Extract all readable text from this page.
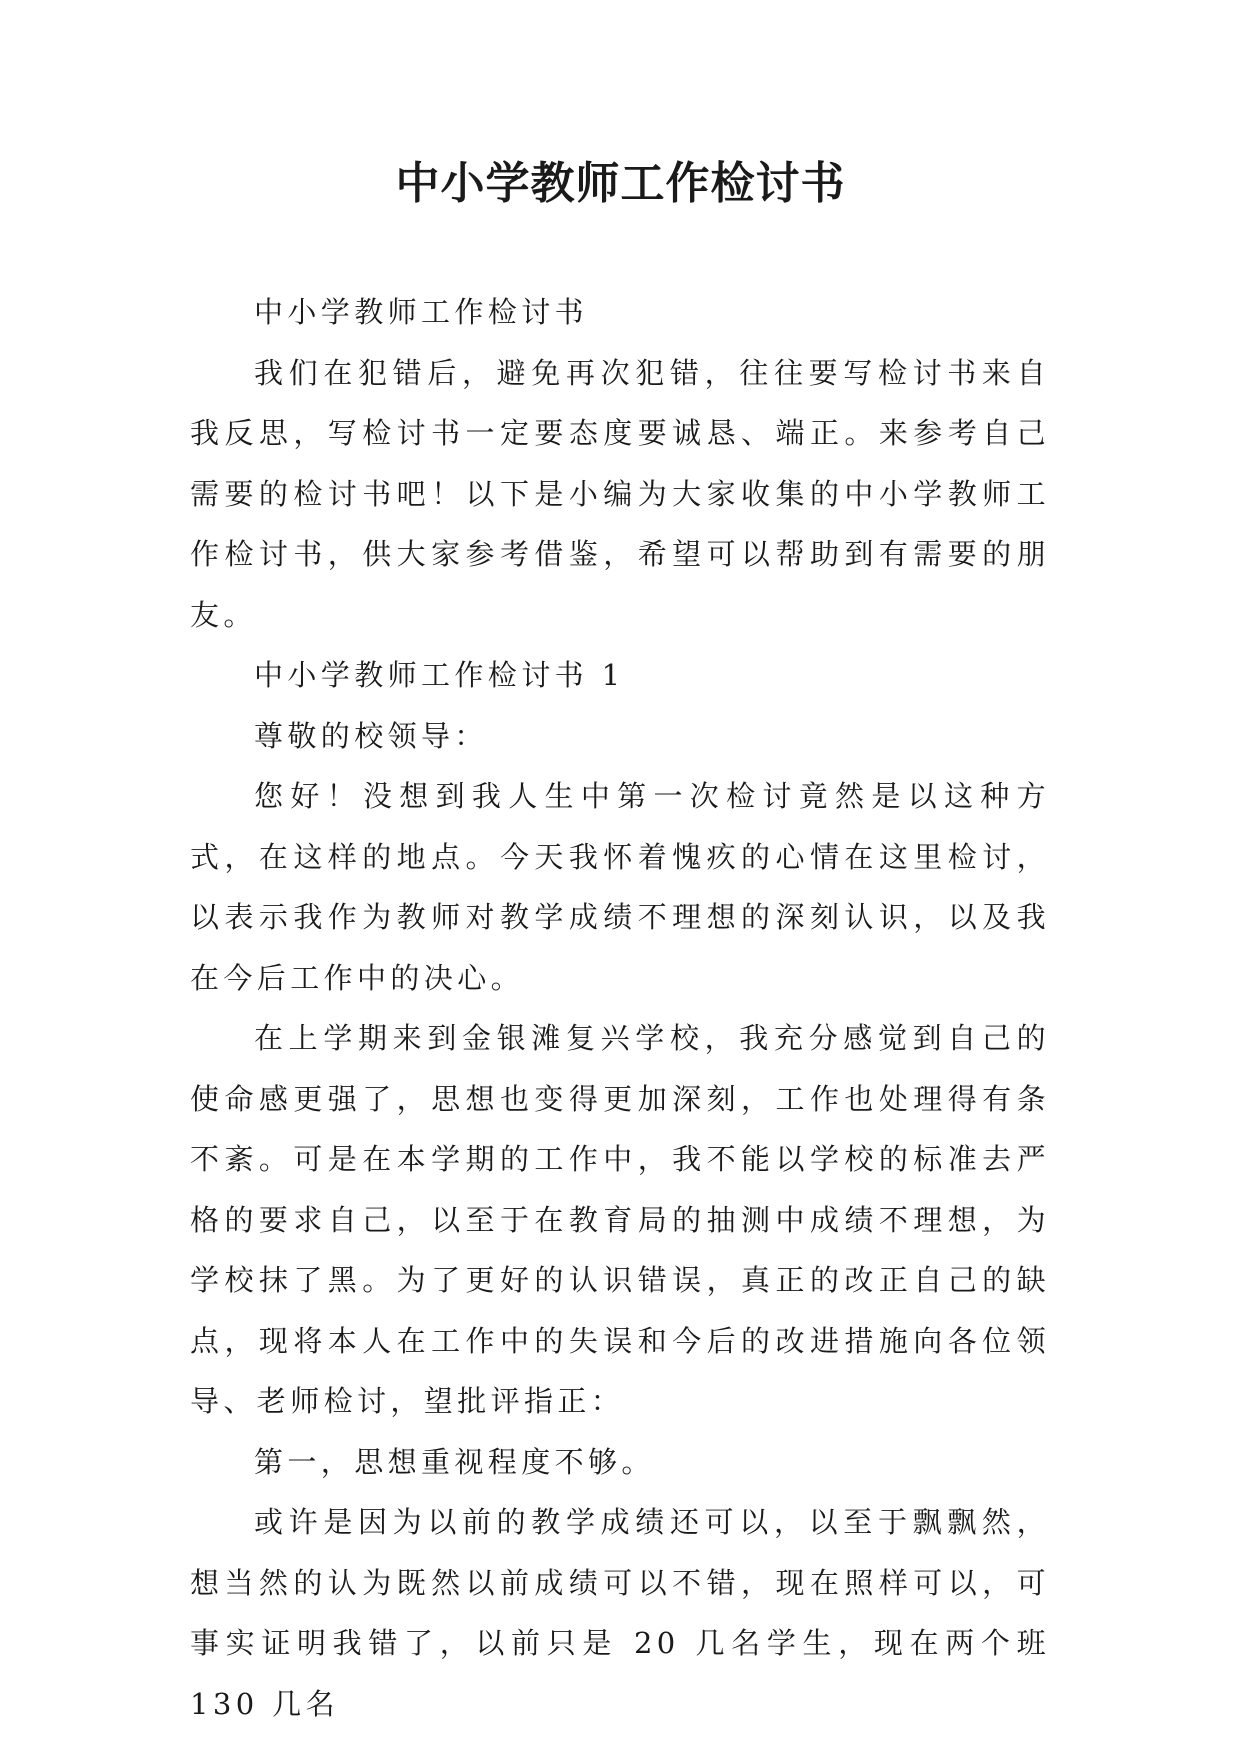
中小学教师工作检讨书

中小学教师工作检讨书

我们在犯错后，避免再次犯错，往往要写检讨书来自我反思，写检讨书一定要态度要诚恳、端正。来参考自己需要的检讨书吧！以下是小编为大家收集的中小学教师工作检讨书，供大家参考借鉴，希望可以帮助到有需要的朋友。

中小学教师工作检讨书 1

尊敬的校领导：

您好！没想到我人生中第一次检讨竟然是以这种方式，在这样的地点。今天我怀着愧疚的心情在这里检讨，以表示我作为教师对教学成绩不理想的深刻认识，以及我在今后工作中的决心。

在上学期来到金银滩复兴学校，我充分感觉到自己的使命感更强了，思想也变得更加深刻，工作也处理得有条不紊。可是在本学期的工作中，我不能以学校的标准去严格的要求自己，以至于在教育局的抽测中成绩不理想，为学校抹了黑。为了更好的认识错误，真正的改正自己的缺点，现将本人在工作中的失误和今后的改进措施向各位领导、老师检讨，望批评指正：

第一，思想重视程度不够。

或许是因为以前的教学成绩还可以，以至于飘飘然，想当然的认为既然以前成绩可以不错，现在照样可以，可事实证明我错了，以前只是 20 几名学生，现在两个班 130 几名
